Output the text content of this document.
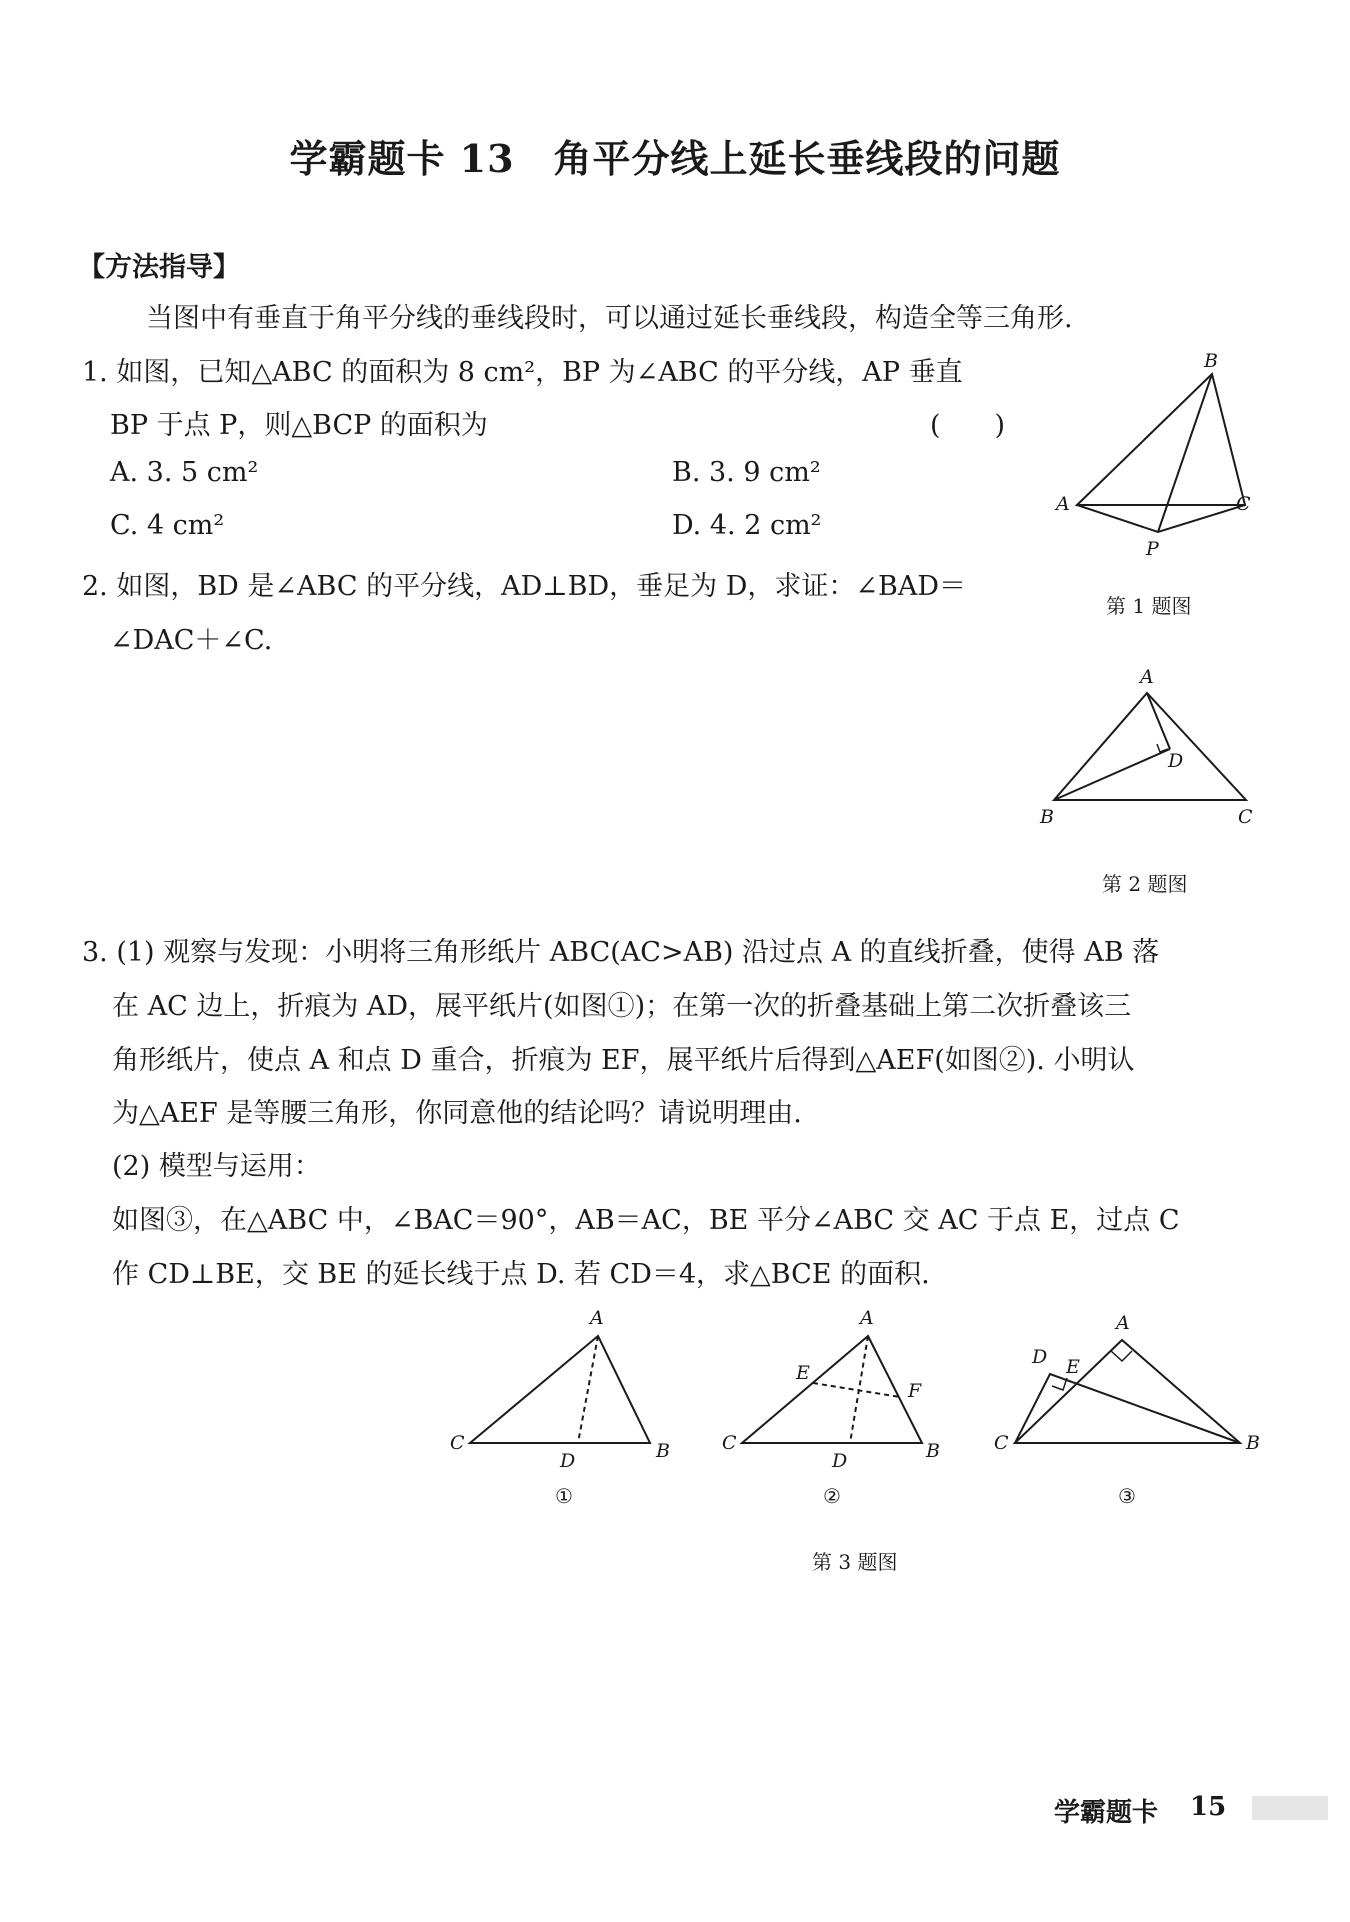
学霸题卡 13　角平分线上延长垂线段的问题
【方法指导】
当图中有垂直于角平分线的垂线段时，可以通过延长垂线段，构造全等三角形.
1. 如图，已知△ABC 的面积为 8 cm²，BP 为∠ABC 的平分线，AP 垂直
BP 于点 P，则△BCP 的面积为	(　　)
A. 3. 5 cm²	B. 3. 9 cm²
C. 4 cm²	D. 4. 2 cm²
B
A	C
P
第 1 题图
2. 如图，BD 是∠ABC 的平分线，AD⊥BD，垂足为 D，求证：∠BAD＝
∠DAC＋∠C.
A
D
B	C
第 2 题图
3. (1) 观察与发现：小明将三角形纸片 ABC(AC>AB) 沿过点 A 的直线折叠，使得 AB 落
在 AC 边上，折痕为 AD，展平纸片(如图①)；在第一次的折叠基础上第二次折叠该三
角形纸片，使点 A 和点 D 重合，折痕为 EF，展平纸片后得到△AEF(如图②). 小明认
为△AEF 是等腰三角形，你同意他的结论吗？请说明理由.
(2) 模型与运用：
如图③，在△ABC 中，∠BAC＝90°，AB＝AC，BE 平分∠ABC 交 AC 于点 E，过点 C
作 CD⊥BE，交 BE 的延长线于点 D. 若 CD＝4，求△BCE 的面积.
A
C	B
D
①
A
E
F
C	B
D
②
A
D E
C	B
③
第 3 题图
学霸题卡 15
